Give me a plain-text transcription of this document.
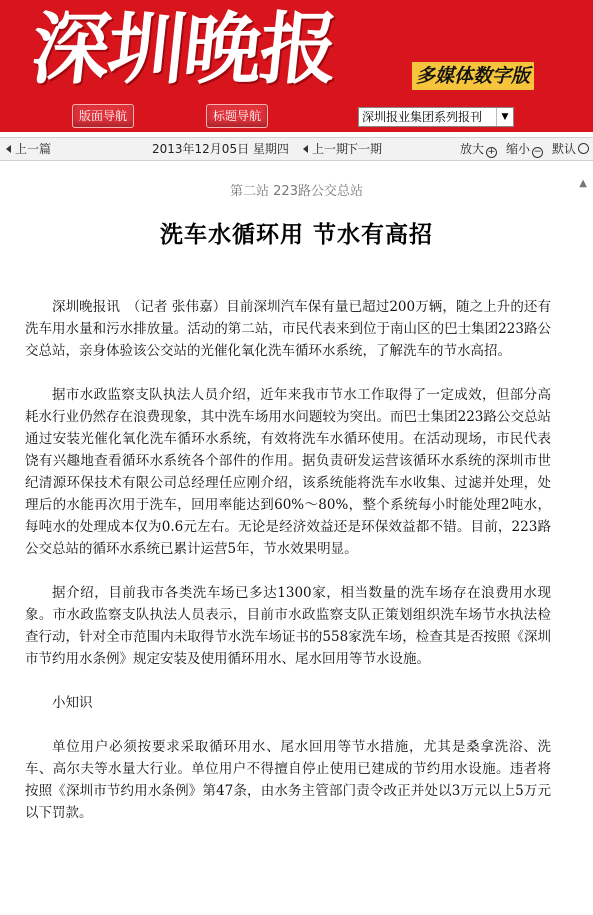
深圳晚报	多媒体数字版
版面导航	标题导航	深圳报业集团系列报刊	▼
上一篇	2013年12月05日 星期四	上一期
下一期	放大 + 缩小 − 默认
▲
第二站 223路公交总站
洗车水循环用 节水有高招

深圳晚报讯　（记者 张伟嘉）目前深圳汽车保有量已超过200万辆，随之上升的还有洗车用水量和污水排放量。活动的第二站，市民代表来到位于南山区的巴士集团223路公交总站，亲身体验该公交站的光催化氧化洗车循环水系统，了解洗车的节水高招。

据市水政监察支队执法人员介绍，近年来我市节水工作取得了一定成效，但部分高耗水行业仍然存在浪费现象，其中洗车场用水问题较为突出。而巴士集团223路公交总站通过安装光催化氧化洗车循环水系统，有效将洗车水循环使用。在活动现场，市民代表饶有兴趣地查看循环水系统各个部件的作用。据负责研发运营该循环水系统的深圳市世纪清源环保技术有限公司总经理任应刚介绍，该系统能将洗车水收集、过滤并处理，处理后的水能再次用于洗车，回用率能达到60%～80%，整个系统每小时能处理2吨水，每吨水的处理成本仅为0.6元左右。无论是经济效益还是环保效益都不错。目前，223路公交总站的循环水系统已累计运营5年，节水效果明显。

据介绍，目前我市各类洗车场已多达1300家，相当数量的洗车场存在浪费用水现象。市水政监察支队执法人员表示，目前市水政监察支队正策划组织洗车场节水执法检查行动，针对全市范围内未取得节水洗车场证书的558家洗车场，检查其是否按照《深圳市节约用水条例》规定安装及使用循环用水、尾水回用等节水设施。

小知识

单位用户必须按要求采取循环用水、尾水回用等节水措施，尤其是桑拿洗浴、洗车、高尔夫等水量大行业。单位用户不得擅自停止使用已建成的节约用水设施。违者将按照《深圳市节约用水条例》第47条，由水务主管部门责令改正并处以3万元以上5万元以下罚款。
